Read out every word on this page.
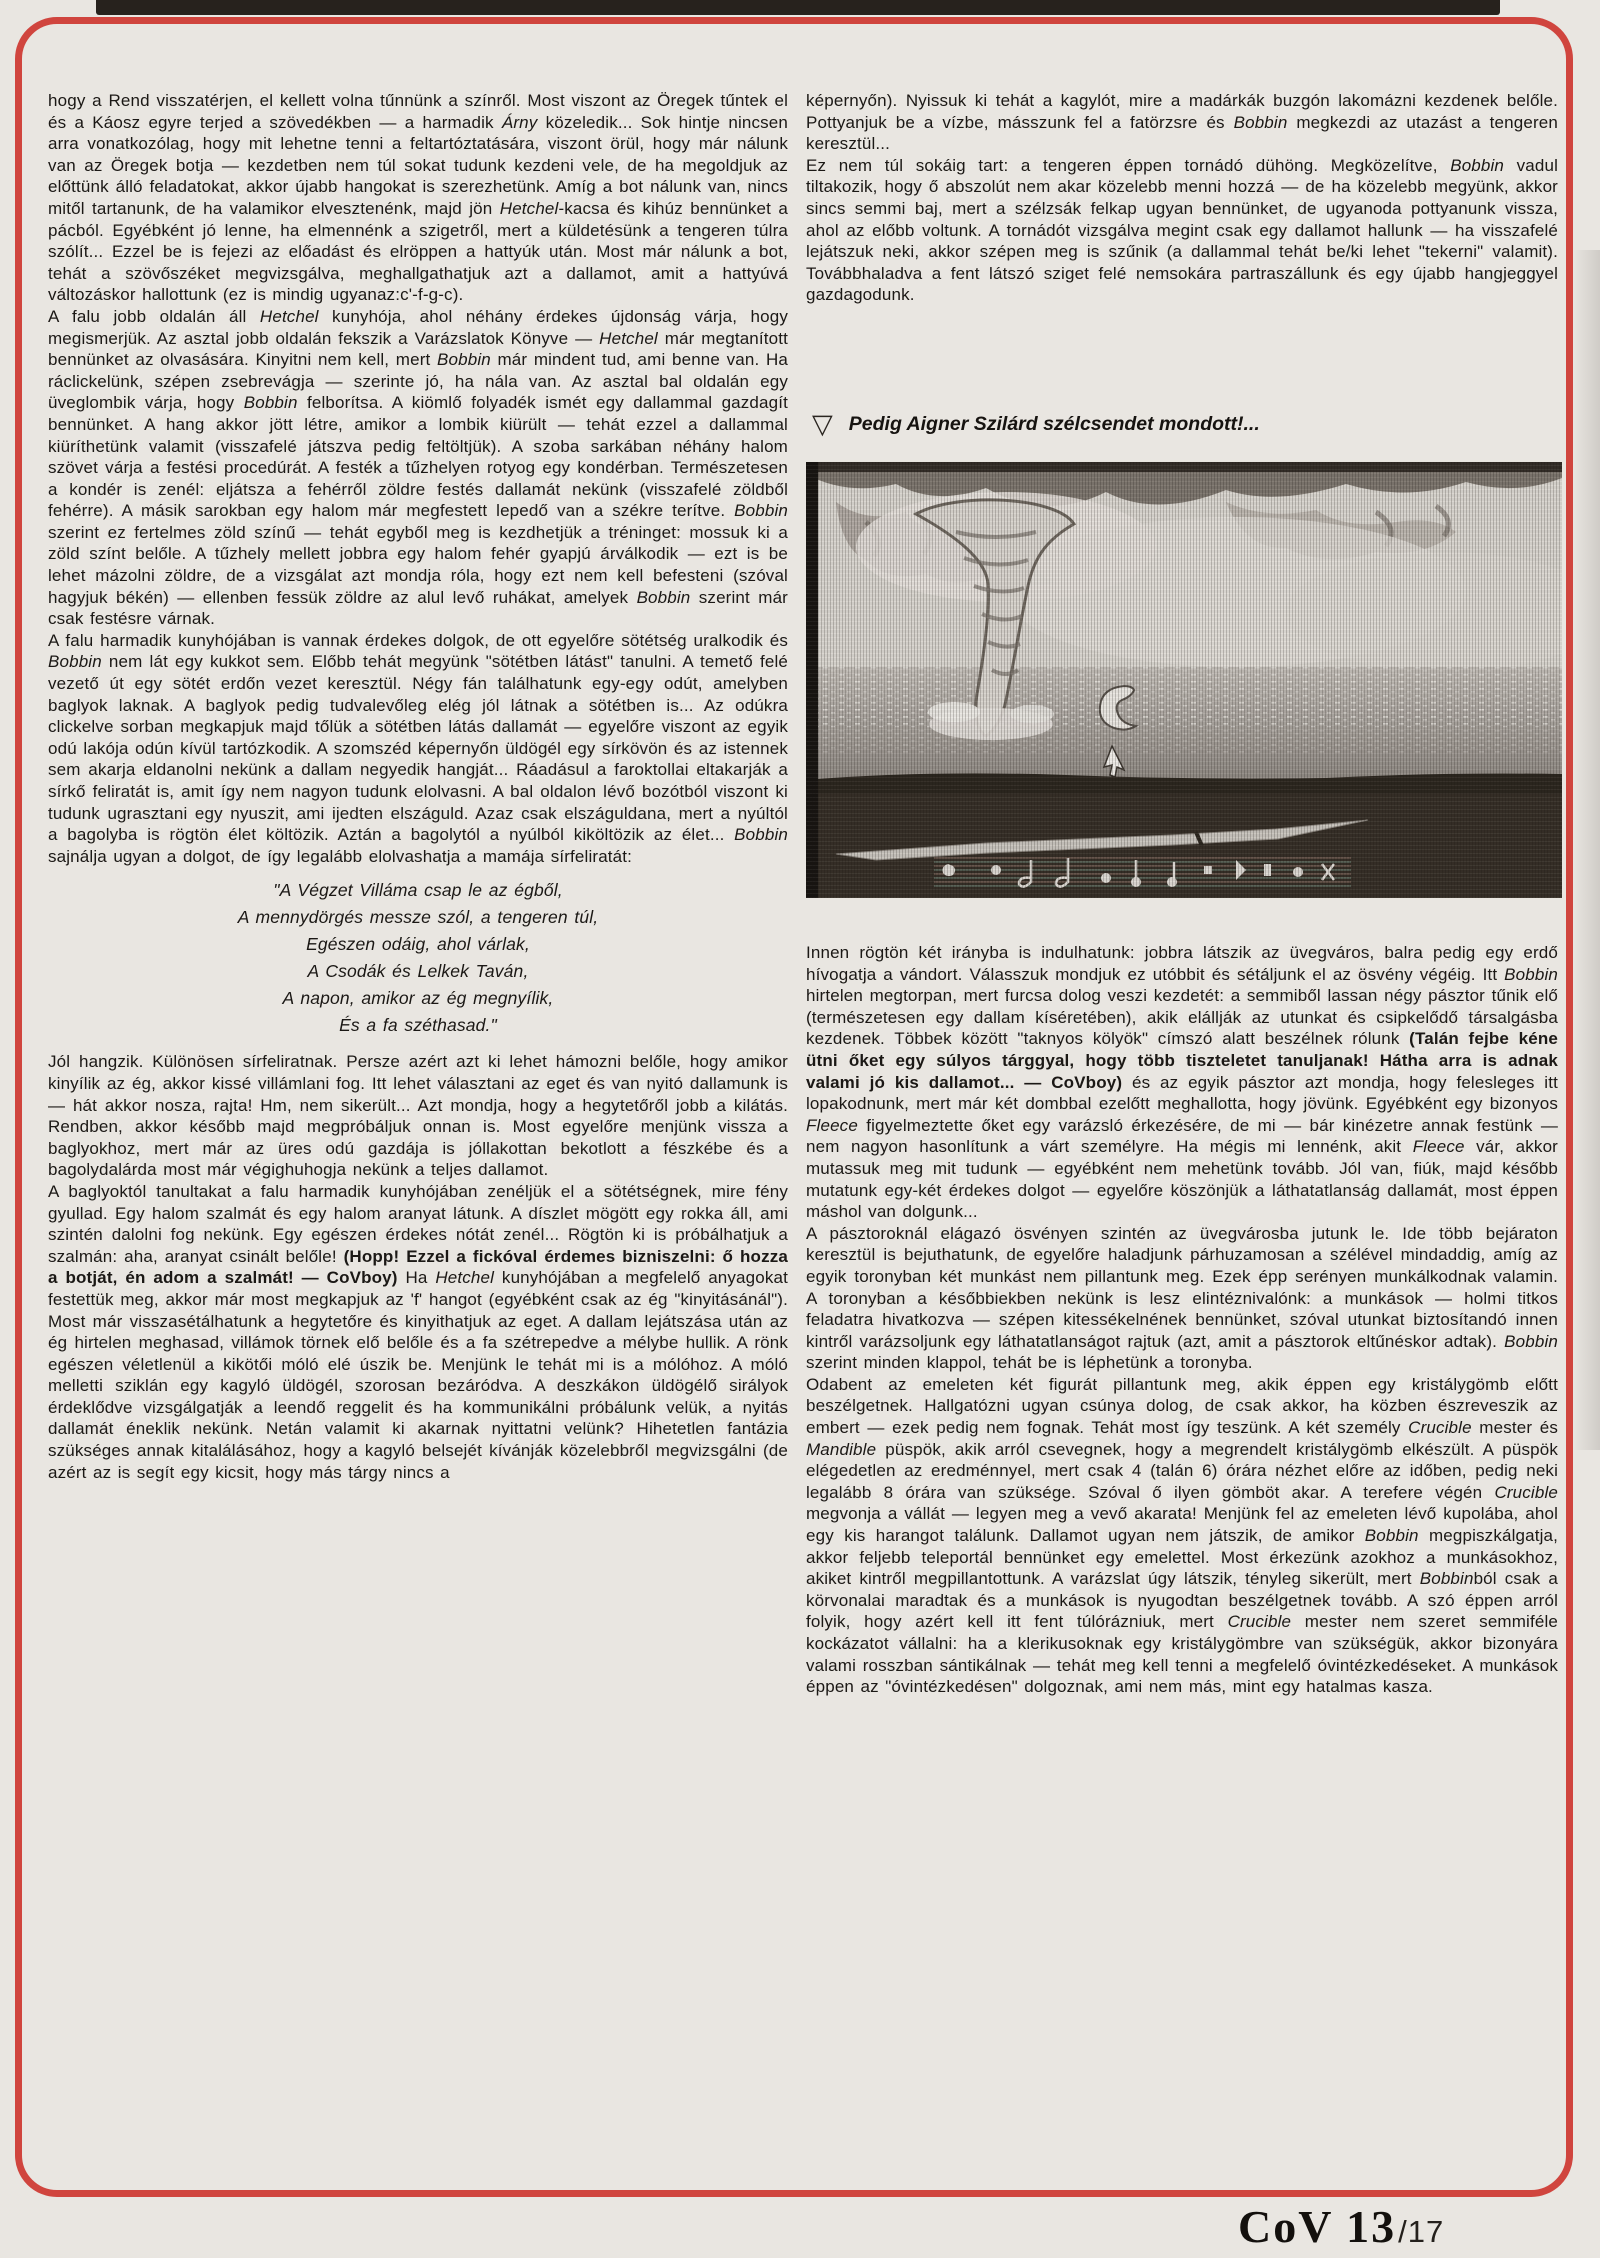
hogy a Rend visszatérjen, el kellett volna tűnnünk a színről. Most viszont az Öregek tűntek el és a Káosz egyre terjed a szövedékben — a harmadik Árny közeledik... Sok hintje nincsen arra vonatkozólag, hogy mit lehetne tenni a feltartóztatására, viszont örül, hogy már nálunk van az Öregek botja — kezdetben nem túl sokat tudunk kezdeni vele, de ha megoldjuk az előttünk álló feladatokat, akkor újabb hangokat is szerezhetünk. Amíg a bot nálunk van, nincs mitől tartanunk, de ha valamikor elvesztenénk, majd jön Hetchel-kacsa és kihúz bennünket a pácból. Egyébként jó lenne, ha elmennénk a szigetről, mert a küldetésünk a tengeren túlra szólít... Ezzel be is fejezi az előadást és elröppen a hattyúk után. Most már nálunk a bot, tehát a szövőszéket megvizsgálva, meghallgathatjuk azt a dallamot, amit a hattyúvá változáskor hallottunk (ez is mindig ugyanaz:c'-f-g-c).

A falu jobb oldalán áll Hetchel kunyhója, ahol néhány érdekes újdonság várja, hogy megismerjük. Az asztal jobb oldalán fekszik a Varázslatok Könyve — Hetchel már megtanított bennünket az olvasására. Kinyitni nem kell, mert Bobbin már mindent tud, ami benne van. Ha ráclickelünk, szépen zsebrevágja — szerinte jó, ha nála van. Az asztal bal oldalán egy üveglombik várja, hogy Bobbin felborítsa. A kiömlő folyadék ismét egy dallammal gazdagít bennünket. A hang akkor jött létre, amikor a lombik kiürült — tehát ezzel a dallammal kiüríthetünk valamit (visszafelé játszva pedig feltöltjük). A szoba sarkában néhány halom szövet várja a festési procedúrát. A festék a tűzhelyen rotyog egy kondérban. Természetesen a kondér is zenél: eljátsza a fehérről zöldre festés dallamát nekünk (visszafelé zöldből fehérre). A másik sarokban egy halom már megfestett lepedő van a székre terítve. Bobbin szerint ez fertelmes zöld színű — tehát egyből meg is kezdhetjük a tréninget: mossuk ki a zöld színt belőle. A tűzhely mellett jobbra egy halom fehér gyapjú árválkodik — ezt is be lehet mázolni zöldre, de a vizsgálat azt mondja róla, hogy ezt nem kell befesteni (szóval hagyjuk békén) — ellenben fessük zöldre az alul levő ruhákat, amelyek Bobbin szerint már csak festésre várnak.

A falu harmadik kunyhójában is vannak érdekes dolgok, de ott egyelőre sötétség uralkodik és Bobbin nem lát egy kukkot sem. Előbb tehát megyünk "sötétben látást" tanulni. A temető felé vezető út egy sötét erdőn vezet keresztül. Négy fán találhatunk egy-egy odút, amelyben baglyok laknak. A baglyok pedig tudvalevőleg elég jól látnak a sötétben is... Az odúkra clickelve sorban megkapjuk majd tőlük a sötétben látás dallamát — egyelőre viszont az egyik odú lakója odún kívül tartózkodik. A szomszéd képernyőn üldögél egy sírkövön és az istennek sem akarja eldanolni nekünk a dallam negyedik hangját... Ráadásul a faroktollai eltakarják a sírkő feliratát is, amit így nem nagyon tudunk elolvasni. A bal oldalon lévő bozótból viszont ki tudunk ugrasztani egy nyuszit, ami ijedten elszáguld. Azaz csak elszáguldana, mert a nyúltól a bagolyba is rögtön élet költözik. Aztán a bagolytól a nyúlból kiköltözik az élet... Bobbin sajnálja ugyan a dolgot, de így legalább elolvashatja a mamája sírfeliratát:

"A Végzet Villáma csap le az égből,
A mennydörgés messze szól, a tengeren túl,
Egészen odáig, ahol várlak,
A Csodák és Lelkek Taván,
A napon, amikor az ég megnyílik,
És a fa széthasad."

Jól hangzik. Különösen sírfeliratnak. Persze azért azt ki lehet hámozni belőle, hogy amikor kinyílik az ég, akkor kissé villámlani fog. Itt lehet választani az eget és van nyitó dallamunk is — hát akkor nosza, rajta! Hm, nem sikerült... Azt mondja, hogy a hegytetőről jobb a kilátás. Rendben, akkor később majd megpróbáljuk onnan is. Most egyelőre menjünk vissza a baglyokhoz, mert már az üres odú gazdája is jóllakottan bekotlott a fészkébe és a bagolydalárda most már végighuhogja nekünk a teljes dallamot.

A baglyoktól tanultakat a falu harmadik kunyhójában zenéljük el a sötétségnek, mire fény gyullad. Egy halom szalmát és egy halom aranyat látunk. A díszlet mögött egy rokka áll, ami szintén dalolni fog nekünk. Egy egészen érdekes nótát zenél... Rögtön ki is próbálhatjuk a szalmán: aha, aranyat csinált belőle! (Hopp! Ezzel a fickóval érdemes bizniszelni: ő hozza a botját, én adom a szalmát! — CoVboy) Ha Hetchel kunyhójában a megfelelő anyagokat festettük meg, akkor már most megkapjuk az 'f' hangot (egyébként csak az ég "kinyitásánál"). Most már visszasétálhatunk a hegytetőre és kinyithatjuk az eget. A dallam lejátszása után az ég hirtelen meghasad, villámok törnek elő belőle és a fa szétrepedve a mélybe hullik. A rönk egészen véletlenül a kikötői móló elé úszik be. Menjünk le tehát mi is a mólóhoz. A móló melletti sziklán egy kagyló üldögél, szorosan bezáródva. A deszkákon üldögélő sirályok érdeklődve vizsgálgatják a leendő reggelit és ha kommunikálni próbálunk velük, a nyitás dallamát éneklik nekünk. Netán valamit ki akarnak nyittatni velünk? Hihetetlen fantázia szükséges annak kitalálásához, hogy a kagyló belsejét kívánják közelebbről megvizsgálni (de azért az is segít egy kicsit, hogy más tárgy nincs a

képernyőn). Nyissuk ki tehát a kagylót, mire a madárkák buzgón lakomázni kezdenek belőle. Pottyanjuk be a vízbe, másszunk fel a fatörzsre és Bobbin megkezdi az utazást a tengeren keresztül...

Ez nem túl sokáig tart: a tengeren éppen tornádó dühöng. Megközelítve, Bobbin vadul tiltakozik, hogy ő abszolút nem akar közelebb menni hozzá — de ha közelebb megyünk, akkor sincs semmi baj, mert a szélzsák felkap ugyan bennünket, de ugyanoda pottyanunk vissza, ahol az előbb voltunk. A tornádót vizsgálva megint csak egy dallamot hallunk — ha visszafelé lejátszuk neki, akkor szépen meg is szűnik (a dallammal tehát be/ki lehet "tekerni" valamit). Továbbhaladva a fent látszó sziget felé nemsokára partraszállunk és egy újabb hangjeggyel gazdagodunk.

Innen rögtön két irányba is indulhatunk: jobbra látszik az üvegváros, balra pedig egy erdő hívogatja a vándort. Válasszuk mondjuk ez utóbbit és sétáljunk el az ösvény végéig. Itt Bobbin hirtelen megtorpan, mert furcsa dolog veszi kezdetét: a semmiből lassan négy pásztor tűnik elő (természetesen egy dallam kíséretében), akik elállják az utunkat és csipkelődő társalgásba kezdenek. Többek között "taknyos kölyök" címszó alatt beszélnek rólunk (Talán fejbe kéne ütni őket egy súlyos tárggyal, hogy több tiszteletet tanuljanak! Hátha arra is adnak valami jó kis dallamot... — CoVboy) és az egyik pásztor azt mondja, hogy felesleges itt lopakodnunk, mert már két dombbal ezelőtt meghallotta, hogy jövünk. Egyébként egy bizonyos Fleece figyelmeztette őket egy varázsló érkezésére, de mi — bár kinézetre annak festünk — nem nagyon hasonlítunk a várt személyre. Ha mégis mi lennénk, akit Fleece vár, akkor mutassuk meg mit tudunk — egyébként nem mehetünk tovább. Jól van, fiúk, majd később mutatunk egy-két érdekes dolgot — egyelőre köszönjük a láthatatlanság dallamát, most éppen máshol van dolgunk...

A pásztoroknál elágazó ösvényen szintén az üvegvárosba jutunk le. Ide több bejáraton keresztül is bejuthatunk, de egyelőre haladjunk párhuzamosan a szélével mindaddig, amíg az egyik toronyban két munkást nem pillantunk meg. Ezek épp serényen munkálkodnak valamin. A toronyban a későbbiekben nekünk is lesz elintéznivalónk: a munkások — holmi titkos feladatra hivatkozva — szépen kitessékelnének bennünket, szóval utunkat biztosítandó innen kintről varázsoljunk egy láthatatlanságot rajtuk (azt, amit a pásztorok eltűnéskor adtak). Bobbin szerint minden klappol, tehát be is léphetünk a toronyba.

Odabent az emeleten két figurát pillantunk meg, akik éppen egy kristálygömb előtt beszélgetnek. Hallgatózni ugyan csúnya dolog, de csak akkor, ha közben észreveszik az embert — ezek pedig nem fognak. Tehát most így teszünk. A két személy Crucible mester és Mandible püspök, akik arról csevegnek, hogy a megrendelt kristálygömb elkészült. A püspök elégedetlen az eredménnyel, mert csak 4 (talán 6) órára nézhet előre az időben, pedig neki legalább 8 órára van szüksége. Szóval ő ilyen gömböt akar. A terefere végén Crucible megvonja a vállát — legyen meg a vevő akarata! Menjünk fel az emeleten lévő kupolába, ahol egy kis harangot találunk. Dallamot ugyan nem játszik, de amikor Bobbin megpiszkálgatja, akkor feljebb teleportál bennünket egy emelettel. Most érkezünk azokhoz a munkásokhoz, akiket kintről megpillantottunk. A varázslat úgy látszik, tényleg sikerült, mert Bobbinból csak a körvonalai maradtak és a munkások is nyugodtan beszélgetnek tovább. A szó éppen arról folyik, hogy azért kell itt fent túlórázniuk, mert Crucible mester nem szeret semmiféle kockázatot vállalni: ha a klerikusoknak egy kristálygömbre van szükségük, akkor bizonyára valami rosszban sántikálnak — tehát meg kell tenni a megfelelő óvintézkedéseket. A munkások éppen az "óvintézkedésen" dolgoznak, ami nem más, mint egy hatalmas kasza.

▽ Pedig Aigner Szilárd szélcsendet mondott!...
CoV 13 /17
